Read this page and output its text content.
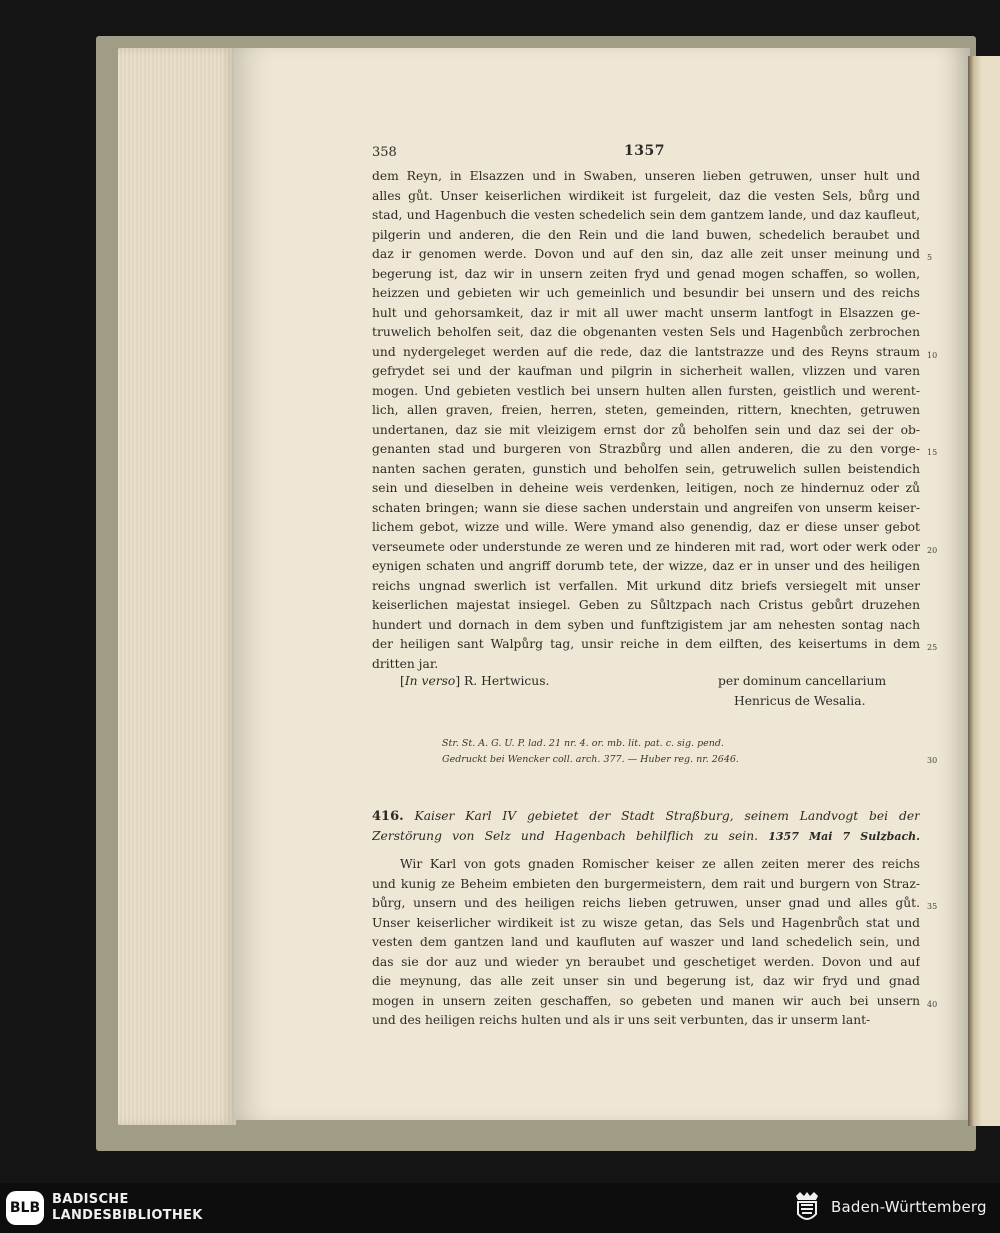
358	1357
dem Reyn, in Elsazzen und in Swaben, unseren lieben getruwen, unser hult und
alles gůt. Unser keiserlichen wirdikeit ist furgeleit, daz die vesten Sels, bůrg und
stad, und Hagenbuch die vesten schedelich sein dem gantzem lande, und daz kaufleut,
pilgerin und anderen, die den Rein und die land buwen, schedelich beraubet und
daz ir genomen werde. Dovon und auf den sin, daz alle zeit unser meinung und 5
begerung ist, daz wir in unsern zeiten fryd und genad mogen schaffen, so wollen,
heizzen und gebieten wir uch gemeinlich und besundir bei unsern und des reichs
hult und gehorsamkeit, daz ir mit all uwer macht unserm lantfogt in Elsazzen ge-
truwelich beholfen seit, daz die obgenanten vesten Sels und Hagenbůch zerbrochen
und nydergeleget werden auf die rede, daz die lantstrazze und des Reyns straum 10
gefrydet sei und der kaufman und pilgrin in sicherheit wallen, vlizzen und varen
mogen. Und gebieten vestlich bei unsern hulten allen fursten, geistlich und werent-
lich, allen graven, freien, herren, steten, gemeinden, rittern, knechten, getruwen
undertanen, daz sie mit vleizigem ernst dor zů beholfen sein und daz sei der ob-
genanten stad und burgeren von Strazbůrg und allen anderen, die zu den vorge- 15
nanten sachen geraten, gunstich und beholfen sein, getruwelich sullen beistendich
sein und dieselben in deheine weis verdenken, leitigen, noch ze hindernuz oder zů
schaten bringen; wann sie diese sachen understain und angreifen von unserm keiser-
lichem gebot, wizze und wille. Were ymand also genendig, daz er diese unser gebot
verseumete oder understunde ze weren und ze hinderen mit rad, wort oder werk oder 20
eynigen schaten und angriff dorumb tete, der wizze, daz er in unser und des heiligen
reichs ungnad swerlich ist verfallen. Mit urkund ditz briefs versiegelt mit unser
keiserlichen majestat insiegel. Geben zu Sůltzpach nach Cristus gebůrt druzehen
hundert und dornach in dem syben und funftzigistem jar am nehesten sontag nach
der heiligen sant Walpůrg tag, unsir reiche in dem eilften, des keisertums in dem 25
dritten jar.
[In verso] R. Hertwicus.	per dominum cancellarium
Henricus de Wesalia.
Str. St. A. G. U. P. lad. 21 nr. 4. or. mb. lit. pat. c. sig. pend.
Gedruckt bei Wencker coll. arch. 377. — Huber reg. nr. 2646.	30
416. Kaiser Karl IV gebietet der Stadt Straßburg, seinem Landvogt bei der
Zerstörung von Selz und Hagenbach behilflich zu sein. 1357 Mai 7 Sulzbach.
Wir Karl von gots gnaden Romischer keiser ze allen zeiten merer des reichs
und kunig ze Beheim embieten den burgermeistern, dem rait und burgern von Straz-
bůrg, unsern und des heiligen reichs lieben getruwen, unser gnad und alles gůt. 35
Unser keiserlicher wirdikeit ist zu wisze getan, das Sels und Hagenbrůch stat und
vesten dem gantzen land und kaufluten auf waszer und land schedelich sein, und
das sie dor auz und wieder yn beraubet und geschetiget werden. Dovon und auf
die meynung, das alle zeit unser sin und begerung ist, daz wir fryd und gnad
mogen in unsern zeiten geschaffen, so gebeten und manen wir auch bei unsern 40
und des heiligen reichs hulten und als ir uns seit verbunten, das ir unserm lant-
BLB
BADISCHE
LANDESBIBLIOTHEK	Baden-Württemberg
